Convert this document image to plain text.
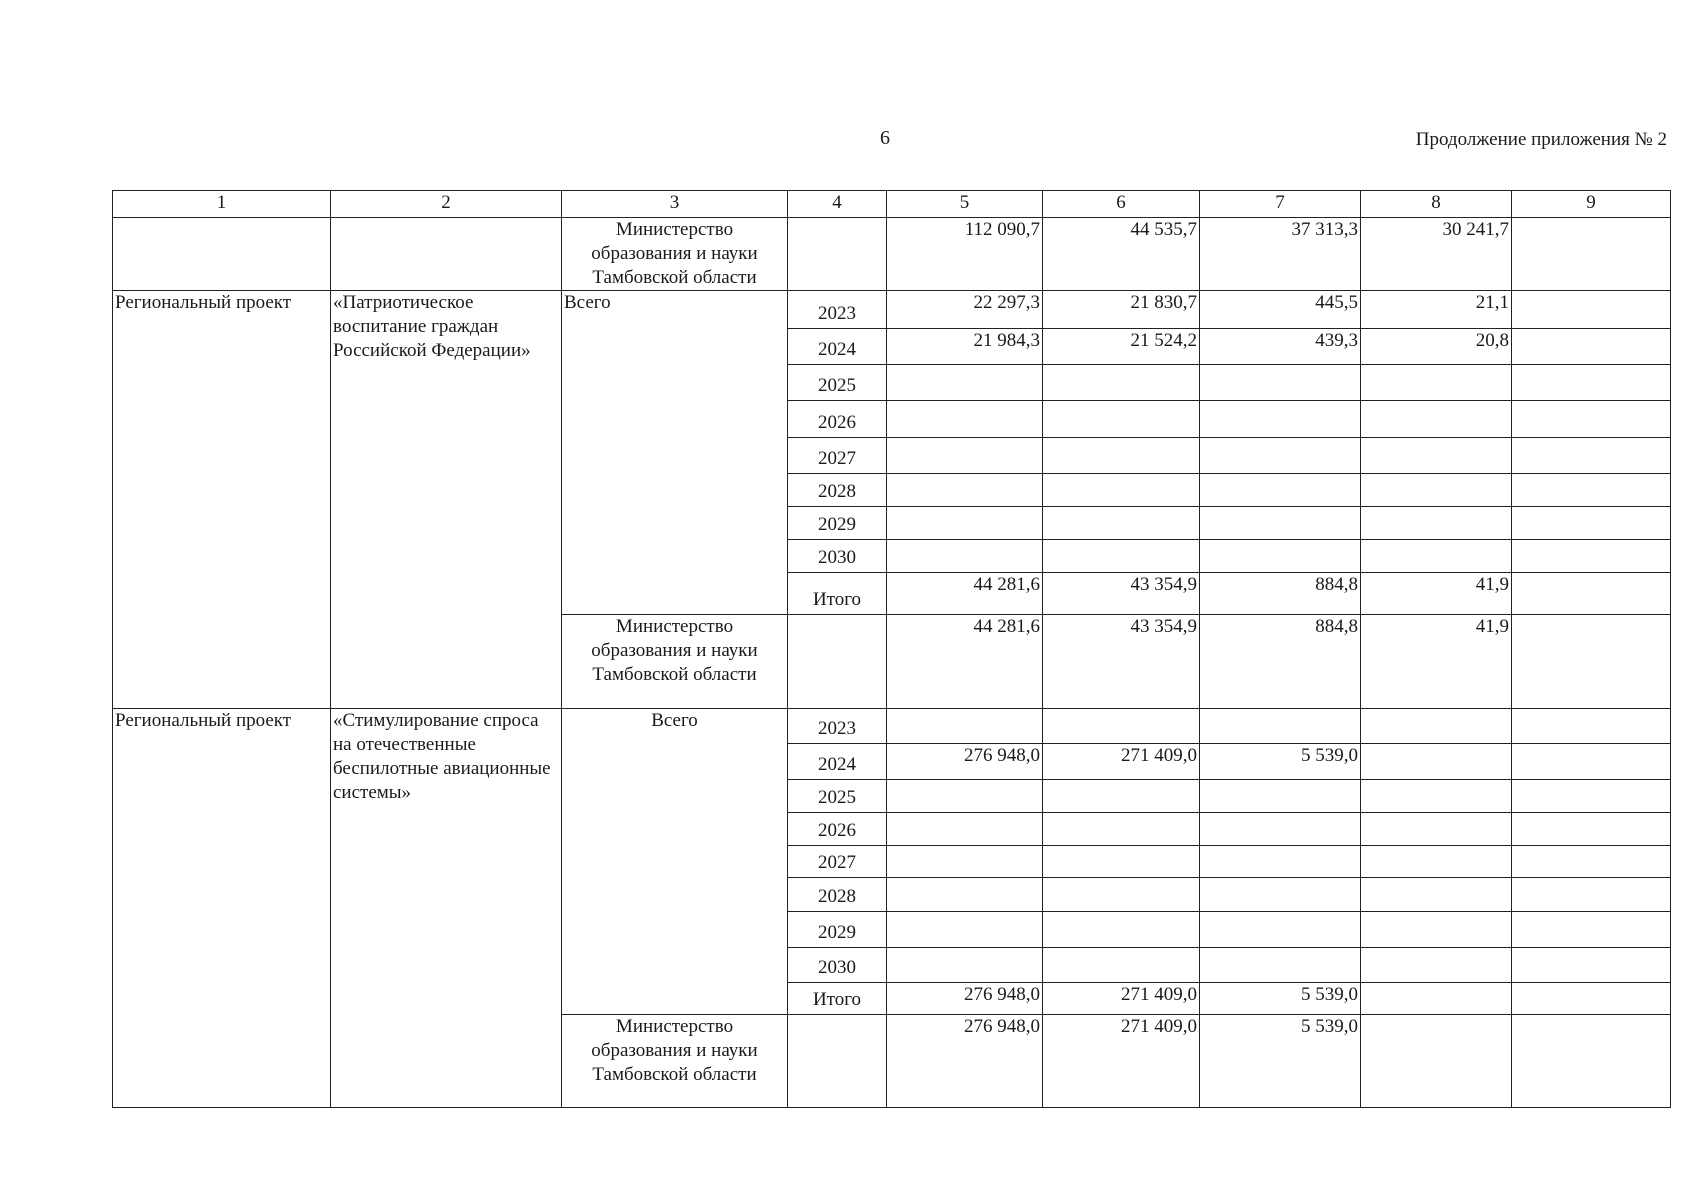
6	Продолжение приложения № 2
1	2	3	4	5	6	7	8	9
		Министерство образования и науки Тамбовской области		112 090,7	44 535,7	37 313,3	30 241,7	
Региональный проект	«Патриотическое воспитание граждан Российской Федерации»	Всего	2023	22 297,3	21 830,7	445,5	21,1	
			2024	21 984,3	21 524,2	439,3	20,8	
			2025					
			2026					
			2027					
			2028					
			2029					
			2030					
			Итого	44 281,6	43 354,9	884,8	41,9	
		Министерство образования и науки Тамбовской области		44 281,6	43 354,9	884,8	41,9	
Региональный проект	«Стимулирование спроса на отечественные беспилотные авиационные системы»	Всего	2023					
			2024	276 948,0	271 409,0	5 539,0		
			2025					
			2026					
			2027					
			2028					
			2029					
			2030					
			Итого	276 948,0	271 409,0	5 539,0		
		Министерство образования и науки Тамбовской области		276 948,0	271 409,0	5 539,0		
